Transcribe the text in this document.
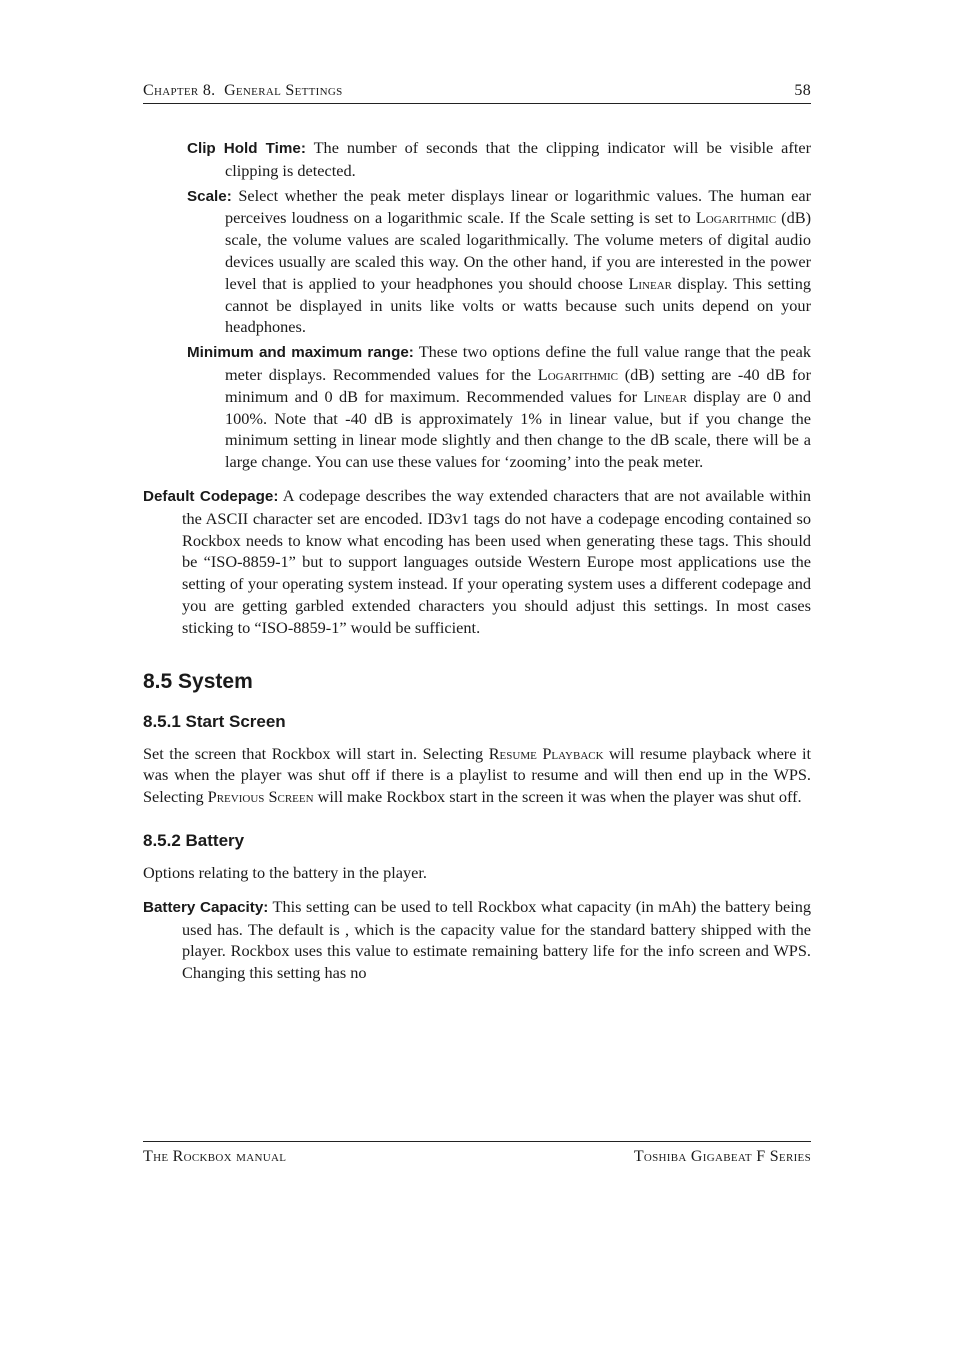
Chapter 8. General Settings	58
Clip Hold Time: The number of seconds that the clipping indicator will be visible after clipping is detected.
Scale: Select whether the peak meter displays linear or logarithmic values. The human ear perceives loudness on a logarithmic scale. If the Scale setting is set to Logarithmic (dB) scale, the volume values are scaled logarithmically. The volume meters of digital audio devices usually are scaled this way. On the other hand, if you are interested in the power level that is applied to your headphones you should choose Linear display. This setting cannot be displayed in units like volts or watts because such units depend on your headphones.
Minimum and maximum range: These two options define the full value range that the peak meter displays. Recommended values for the Logarithmic (dB) setting are -40 dB for minimum and 0 dB for maximum. Recommended values for Linear display are 0 and 100%. Note that -40 dB is approximately 1% in linear value, but if you change the minimum setting in linear mode slightly and then change to the dB scale, there will be a large change. You can use these values for ‘zooming’ into the peak meter.
Default Codepage: A codepage describes the way extended characters that are not available within the ASCII character set are encoded. ID3v1 tags do not have a codepage encoding contained so Rockbox needs to know what encoding has been used when generating these tags. This should be “ISO-8859-1” but to support languages outside Western Europe most applications use the setting of your operating system instead. If your operating system uses a different codepage and you are getting garbled extended characters you should adjust this settings. In most cases sticking to “ISO-8859-1” would be sufficient.
8.5 System
8.5.1 Start Screen

Set the screen that Rockbox will start in. Selecting Resume Playback will resume playback where it was when the player was shut off if there is a playlist to resume and will then end up in the WPS. Selecting Previous Screen will make Rockbox start in the screen it was when the player was shut off.

8.5.2 Battery

Options relating to the battery in the player.

Battery Capacity: This setting can be used to tell Rockbox what capacity (in mAh) the battery being used has. The default is , which is the capacity value for the standard battery shipped with the player. Rockbox uses this value to estimate remaining battery life for the info screen and WPS. Changing this setting has no
The Rockbox manual	Toshiba Gigabeat F Series
